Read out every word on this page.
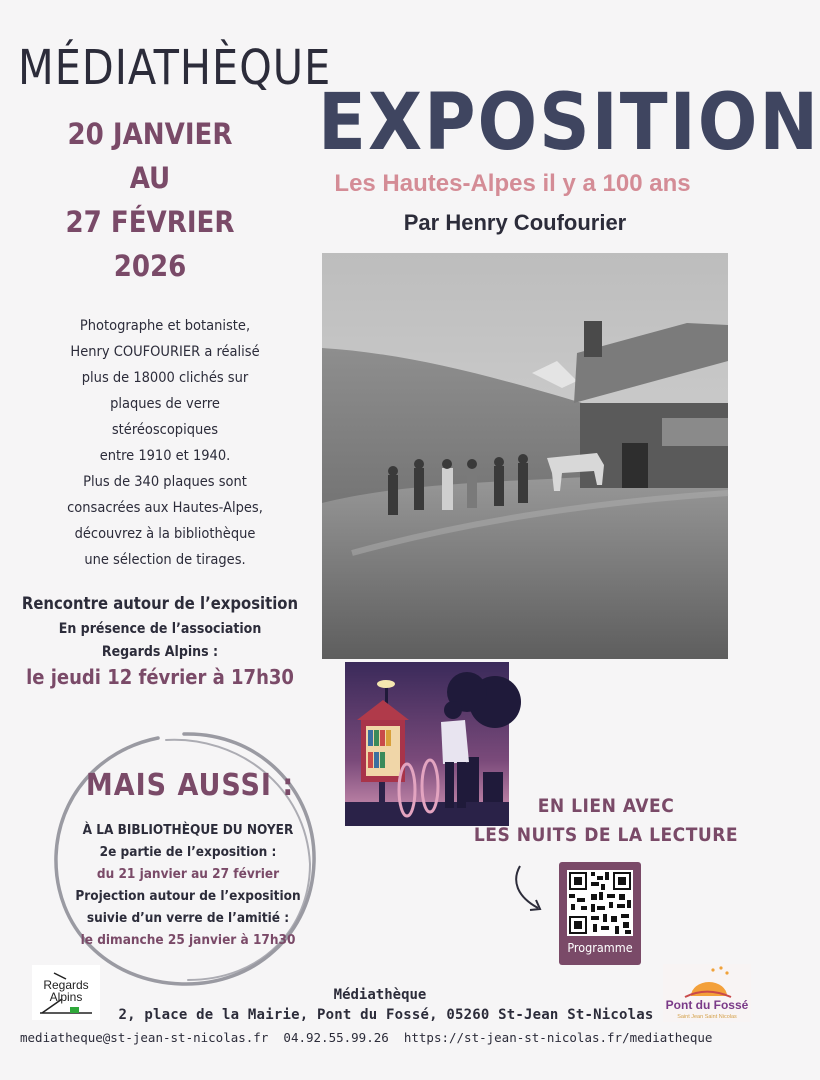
MÉDIATHÈQUE
20 JANVIER
AU
27 FÉVRIER
2026
EXPOSITION
Les Hautes-Alpes il y a 100 ans
Par Henry Coufourier
Photographe et botaniste,
Henry COUFOURIER a réalisé
plus de 18000 clichés sur
plaques de verre
stéréoscopiques
entre 1910 et 1940.
Plus de 340 plaques sont
consacrées aux Hautes-Alpes,
découvrez à la bibliothèque
une sélection de tirages.
Rencontre autour de l’exposition
En présence de l’association
Regards Alpins :
le jeudi 12 février à 17h30
MAIS AUSSI :
À LA BIBLIOTHÈQUE DU NOYER
2e partie de l’exposition :
du 21 janvier au 27 février
Projection autour de l’exposition
suivie d’un verre de l’amitié :
le dimanche 25 janvier à 17h30
EN LIEN AVEC
LES NUITS DE LA LECTURE
Programme
Regards
Alpins
Pont du Fossé
Saint Jean Saint Nicolas
Médiathèque
2, place de la Mairie, Pont du Fossé, 05260 St-Jean St-Nicolas
mediatheque@st-jean-st-nicolas.fr 04.92.55.99.26 https://st-jean-st-nicolas.fr/mediatheque
